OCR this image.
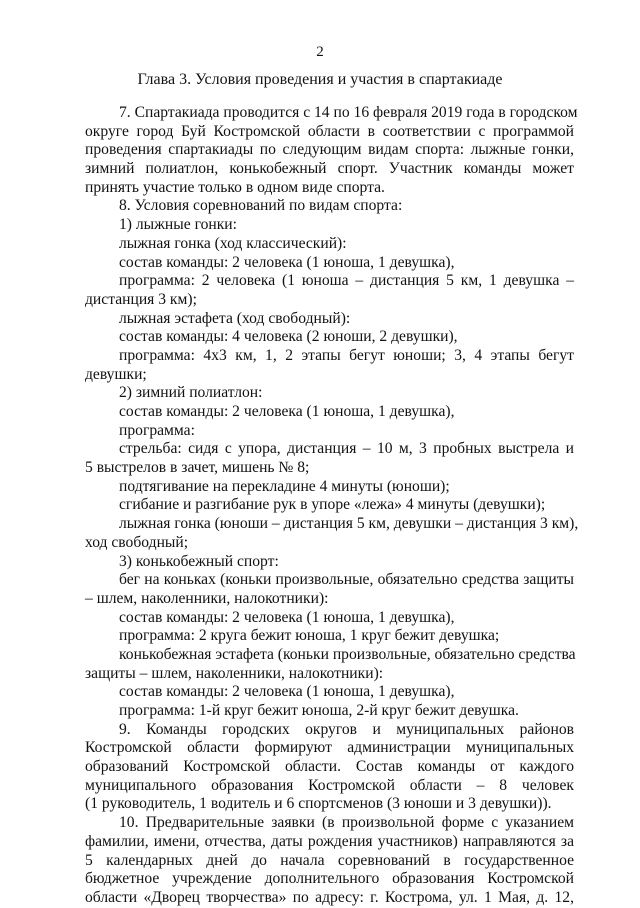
2
Глава 3. Условия проведения и участия в спартакиаде
7. Спартакиада проводится с 14 по 16 февраля 2019 года в городском
округе город Буй Костромской области в соответствии с программой
проведения спартакиады по следующим видам спорта: лыжные гонки,
зимний полиатлон, конькобежный спорт. Участник команды может
принять участие только в одном виде спорта.
8. Условия соревнований по видам спорта:
1) лыжные гонки:
лыжная гонка (ход классический):
состав команды: 2 человека (1 юноша, 1 девушка),
программа: 2 человека (1 юноша – дистанция 5 км, 1 девушка –
дистанция 3 км);
лыжная эстафета (ход свободный):
состав команды: 4 человека (2 юноши, 2 девушки),
программа: 4х3 км, 1, 2 этапы бегут юноши; 3, 4 этапы бегут
девушки;
2) зимний полиатлон:
состав команды: 2 человека (1 юноша, 1 девушка),
программа:
стрельба: сидя с упора, дистанция – 10 м, 3 пробных выстрела и
5 выстрелов в зачет, мишень № 8;
подтягивание на перекладине 4 минуты (юноши);
сгибание и разгибание рук в упоре «лежа» 4 минуты (девушки);
лыжная гонка (юноши – дистанция 5 км, девушки – дистанция 3 км),
ход свободный;
3) конькобежный спорт:
бег на коньках (коньки произвольные, обязательно средства защиты
– шлем, наколенники, налокотники):
состав команды: 2 человека (1 юноша, 1 девушка),
программа: 2 круга бежит юноша, 1 круг бежит девушка;
конькобежная эстафета (коньки произвольные, обязательно средства
защиты – шлем, наколенники, налокотники):
состав команды: 2 человека (1 юноша, 1 девушка),
программа: 1-й круг бежит юноша, 2-й круг бежит девушка.
9. Команды городских округов и муниципальных районов
Костромской области формируют администрации муниципальных
образований Костромской области. Состав команды от каждого
муниципального образования Костромской области – 8 человек
(1 руководитель, 1 водитель и 6 спортсменов (3 юноши и 3 девушки)).
10. Предварительные заявки (в произвольной форме с указанием
фамилии, имени, отчества, даты рождения участников) направляются за
5 календарных дней до начала соревнований в государственное
бюджетное учреждение дополнительного образования Костромской
области «Дворец творчества» по адресу: г. Кострома, ул. 1 Мая, д. 12,
